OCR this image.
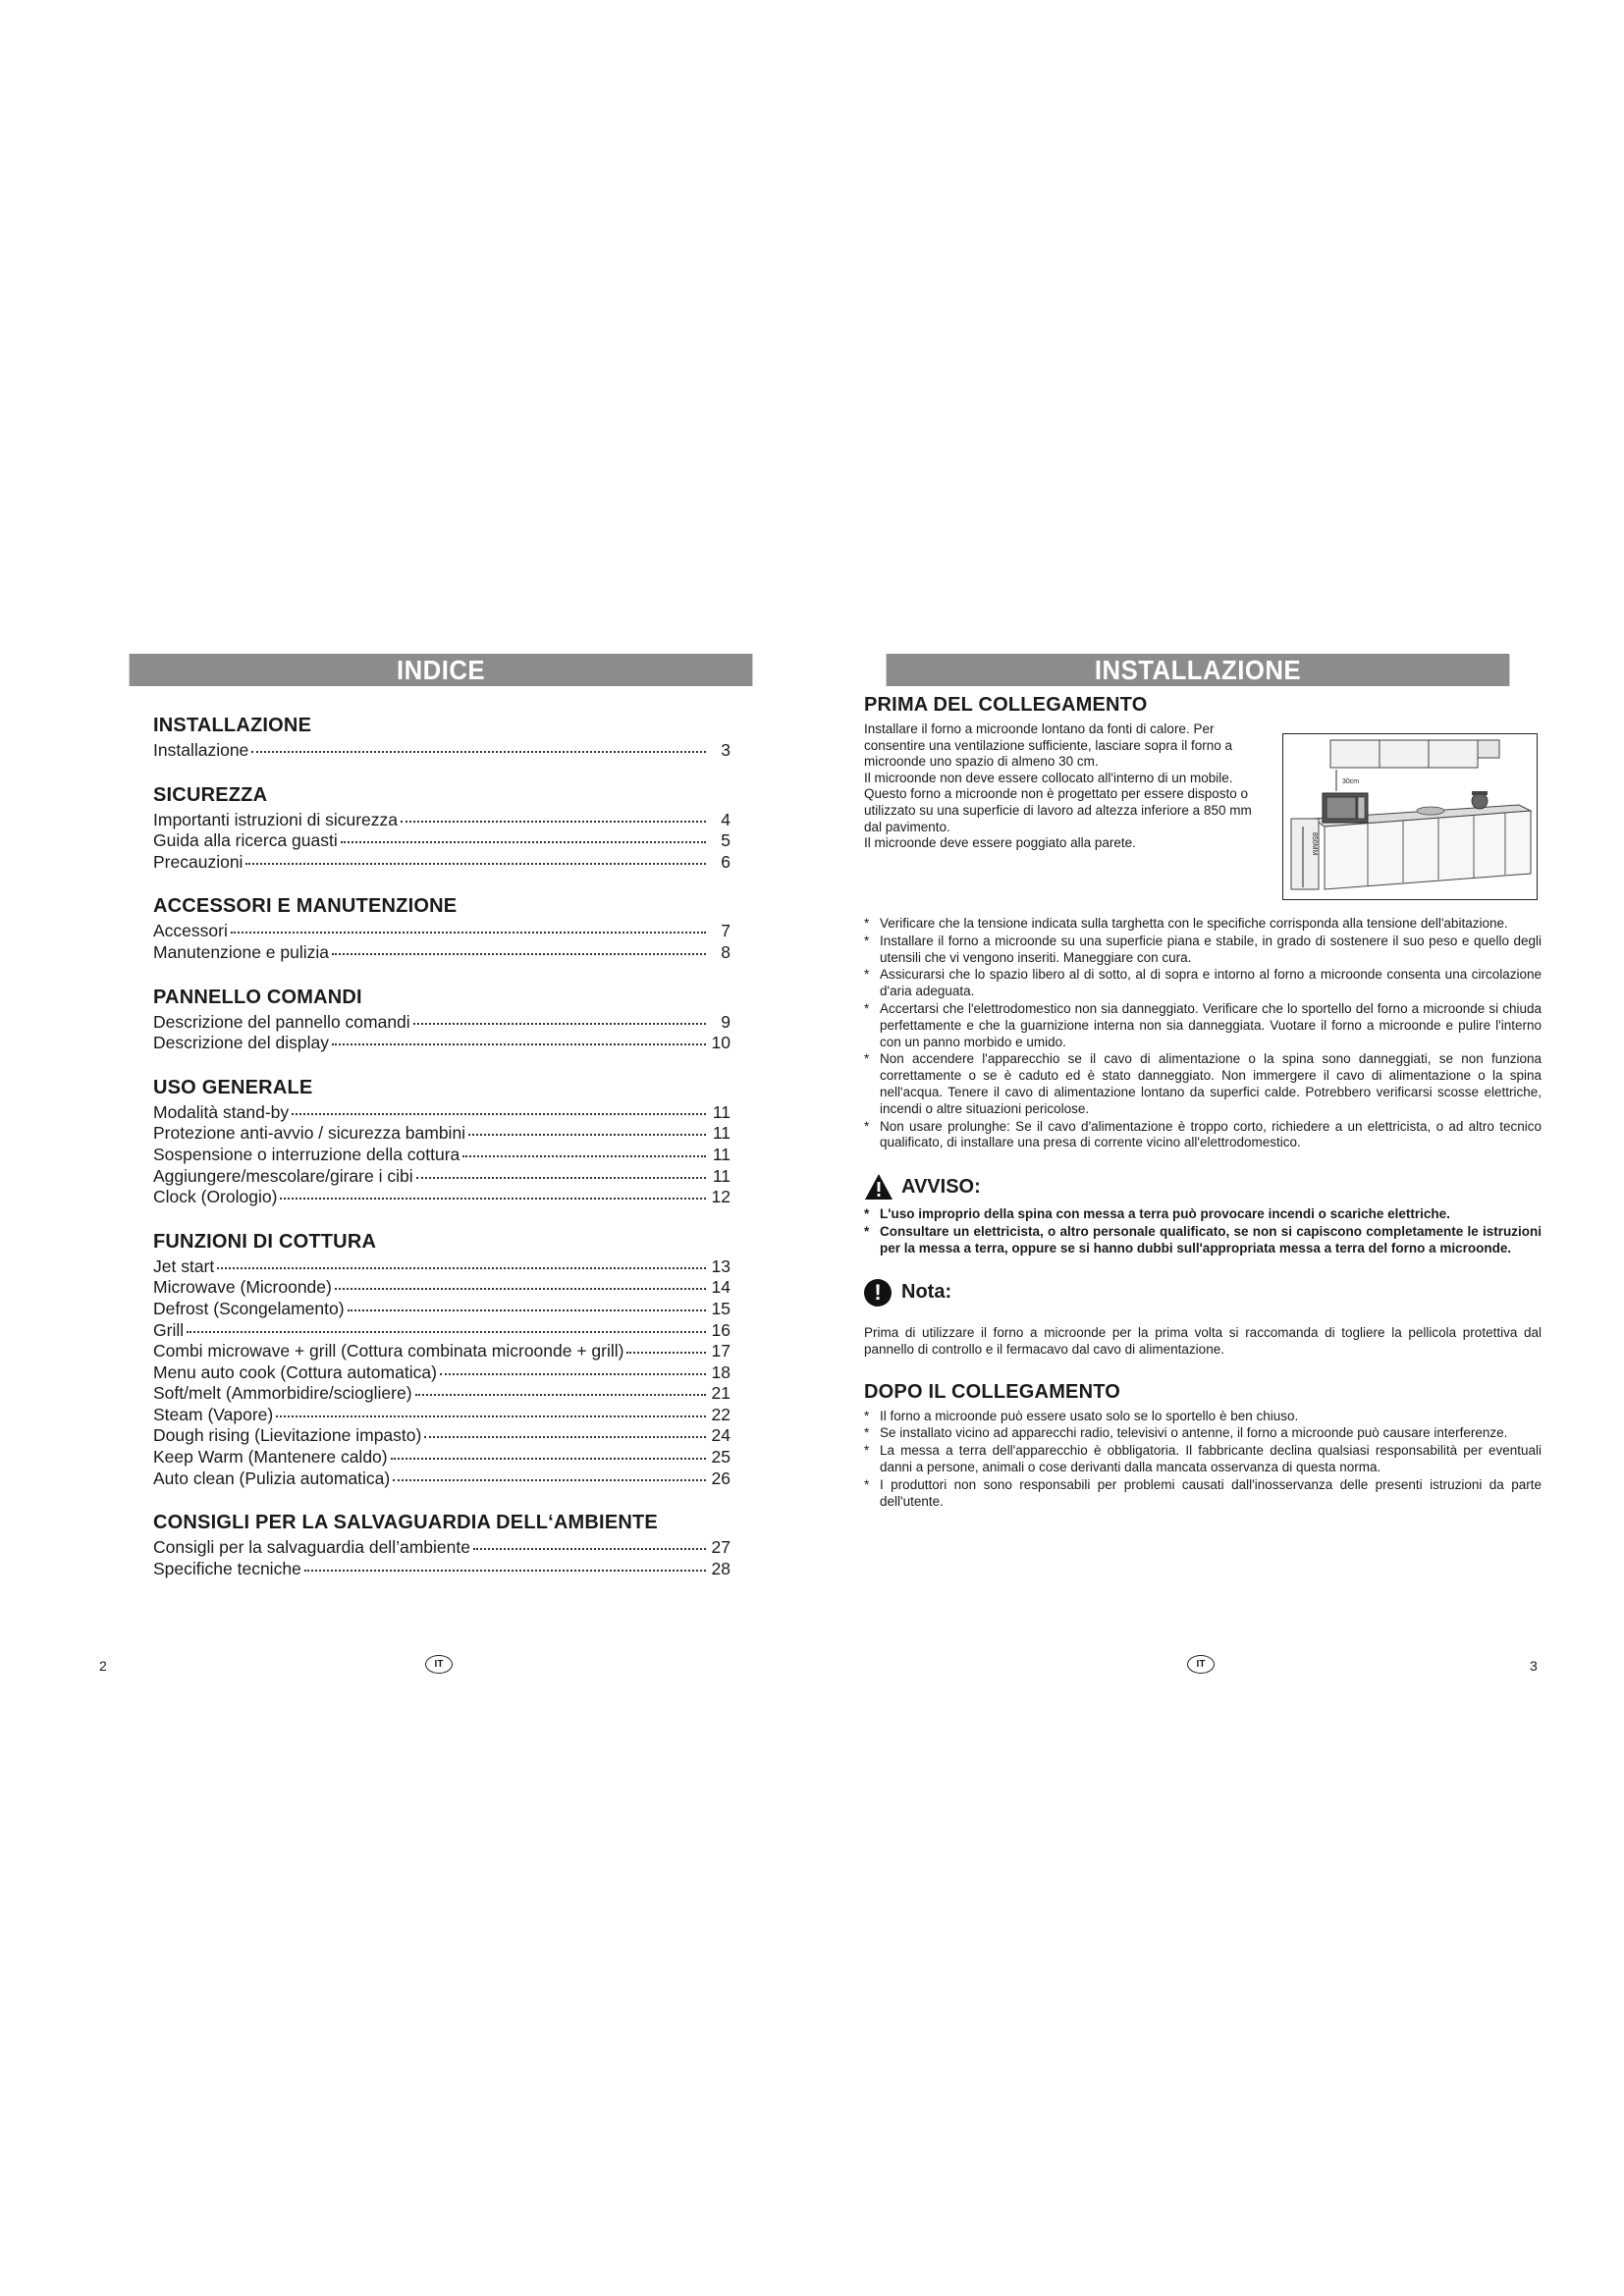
INDICE
INSTALLAZIONE
Installazione	3
SICUREZZA
Importanti istruzioni di sicurezza	4
Guida alla ricerca guasti	5
Precauzioni	6
ACCESSORI E MANUTENZIONE
Accessori	7
Manutenzione e pulizia	8
PANNELLO COMANDI
Descrizione del pannello comandi	9
Descrizione del display	10
USO GENERALE
Modalità stand-by	11
Protezione anti-avvio / sicurezza bambini	11
Sospensione o interruzione della cottura	11
Aggiungere/mescolare/girare i cibi	11
Clock (Orologio)	12
FUNZIONI DI COTTURA
Jet start	13
Microwave (Microonde)	14
Defrost (Scongelamento)	15
Grill	16
Combi microwave + grill (Cottura combinata microonde + grill)	17
Menu auto cook (Cottura automatica)	18
Soft/melt (Ammorbidire/sciogliere)	21
Steam (Vapore)	22
Dough rising (Lievitazione impasto)	24
Keep Warm (Mantenere caldo)	25
Auto clean (Pulizia automatica)	26
CONSIGLI PER LA SALVAGUARDIA DELL‘AMBIENTE
Consigli per la salvaguardia dell’ambiente	27
Specifiche tecniche	28
2	IT
INSTALLAZIONE
3
IT
PRIMA DEL COLLEGAMENTO

Installare il forno a microonde lontano da fonti di calore. Per consentire una ventilazione sufficiente, lasciare sopra il forno a microonde uno spazio di almeno 30 cm.

Il microonde non deve essere collocato all'interno di un mobile. Questo forno a microonde non è progettato per essere disposto o utilizzato su una superficie di lavoro ad altezza inferiore a 850 mm dal pavimento.

Il microonde deve essere poggiato alla parete.

30cm
850MM
* Verificare che la tensione indicata sulla targhetta con le specifiche corrisponda alla tensione dell'abitazione.
* Installare il forno a microonde su una superficie piana e stabile, in grado di sostenere il suo peso e quello degli utensili che vi vengono inseriti. Maneggiare con cura.
* Assicurarsi che lo spazio libero al di sotto, al di sopra e intorno al forno a microonde consenta una circolazione d'aria adeguata.
* Accertarsi che l'elettrodomestico non sia danneggiato. Verificare che lo sportello del forno a microonde si chiuda perfettamente e che la guarnizione interna non sia danneggiata. Vuotare il forno a microonde e pulire l'interno con un panno morbido e umido.
* Non accendere l'apparecchio se il cavo di alimentazione o la spina sono danneggiati, se non funziona correttamente o se è caduto ed è stato danneggiato. Non immergere il cavo di alimentazione o la spina nell'acqua. Tenere il cavo di alimentazione lontano da superfici calde. Potrebbero verificarsi scosse elettriche, incendi o altre situazioni pericolose.
* Non usare prolunghe: Se il cavo d'alimentazione è troppo corto, richiedere a un elettricista, o ad altro tecnico qualificato, di installare una presa di corrente vicino all'elettrodomestico.
AVVISO:
* L'uso improprio della spina con messa a terra può provocare incendi o scariche elettriche.
* Consultare un elettricista, o altro personale qualificato, se non si capiscono completamente le istruzioni per la messa a terra, oppure se si hanno dubbi sull'appropriata messa a terra del forno a microonde.
!	Nota:

Prima di utilizzare il forno a microonde per la prima volta si raccomanda di togliere la pellicola protettiva dal pannello di controllo e il fermacavo dal cavo di alimentazione.

DOPO IL COLLEGAMENTO
* Il forno a microonde può essere usato solo se lo sportello è ben chiuso.
* Se installato vicino ad apparecchi radio, televisivi o antenne, il forno a microonde può causare interferenze.
* La messa a terra dell'apparecchio è obbligatoria. Il fabbricante declina qualsiasi responsabilità per eventuali danni a persone, animali o cose derivanti dalla mancata osservanza di questa norma.
* I produttori non sono responsabili per problemi causati dall'inosservanza delle presenti istruzioni da parte dell'utente.
